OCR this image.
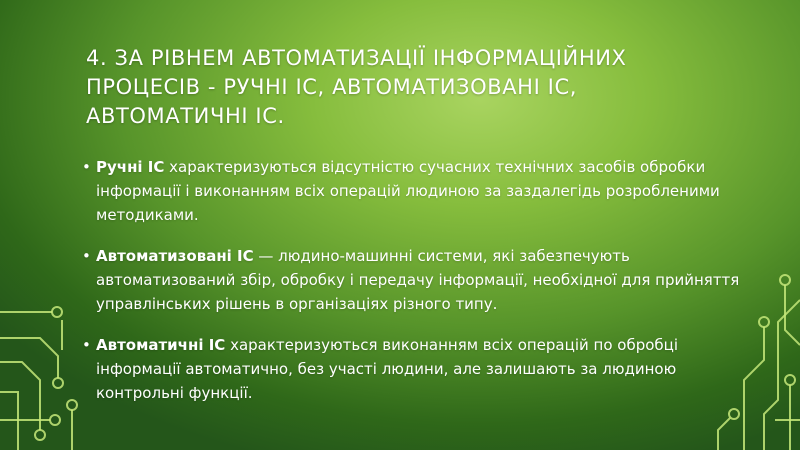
4. ЗА РІВНЕМ АВТОМАТИЗАЦІЇ ІНФОРМАЦІЙНИХ ПРОЦЕСІВ - РУЧНІ ІС, АВТОМАТИЗОВАНІ ІС, АВТОМАТИЧНІ ІС.
• Ручні ІС характеризуються відсутністю сучасних технічних засобів обробки інформації і виконанням всіх операцій людиною за заздалегідь розробленими методиками.
• Автоматизовані ІС — людино-машинні системи, які забезпечують автоматизований збір, обробку і передачу інформації, необхідної для прийняття управлінських рішень в організаціях різного типу.
• Автоматичні ІС характеризуються виконанням всіх операцій по обробці інформації автоматично, без участі людини, але залишають за людиною контрольні функції.
